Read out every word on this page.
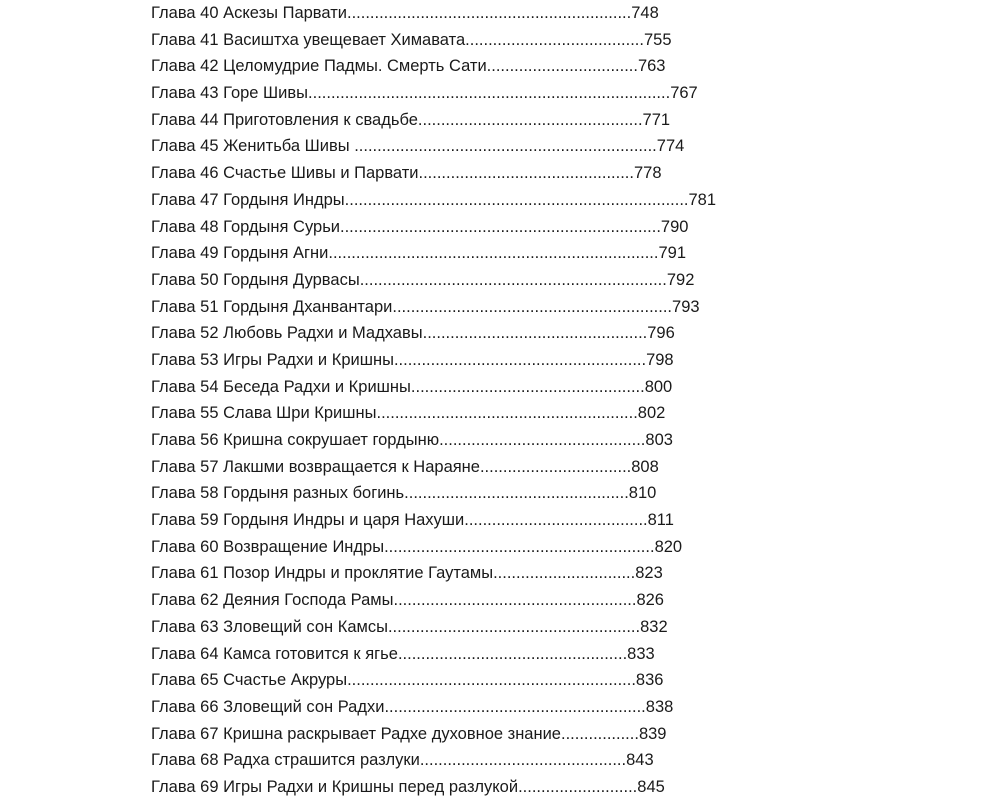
Глава 40 Аскезы Парвати..............................................................748
Глава 41 Васиштха увещевает Химавата.......................................755
Глава 42 Целомудрие Падмы. Смерть Сати.................................763
Глава 43 Горе Шивы...............................................................................767
Глава 44 Приготовления к свадьбе.................................................771
Глава 45 Женитьба Шивы ..................................................................774
Глава 46 Счастье Шивы и Парвати...............................................778
Глава 47 Гордыня Индры...........................................................................781
Глава 48 Гордыня Сурьи......................................................................790
Глава 49 Гордыня Агни........................................................................791
Глава 50 Гордыня Дурвасы...................................................................792
Глава 51 Гордыня Дханвантари.............................................................793
Глава 52 Любовь Радхи и Мадхавы.................................................796
Глава 53 Игры Радхи и Кришны.......................................................798
Глава 54 Беседа Радхи и Кришны...................................................800
Глава 55 Слава Шри Кришны.........................................................802
Глава 56 Кришна сокрушает гордыню.............................................803
Глава 57 Лакшми возвращается к Нараяне.................................808
Глава 58 Гордыня разных богинь.................................................810
Глава 59 Гордыня Индры и царя Нахуши........................................811
Глава 60 Возвращение Индры...........................................................820
Глава 61 Позор Индры и проклятие Гаутамы...............................823
Глава 62 Деяния Господа Рамы.....................................................826
Глава 63 Зловещий сон Камсы.......................................................832
Глава 64 Камса готовится к ягье..................................................833
Глава 65 Счастье Акруры...............................................................836
Глава 66 Зловещий сон Радхи.........................................................838
Глава 67 Кришна раскрывает Радхе духовное знание.................839
Глава 68 Радха страшится разлуки.............................................843
Глава 69 Игры Радхи и Кришны перед разлукой..........................845
